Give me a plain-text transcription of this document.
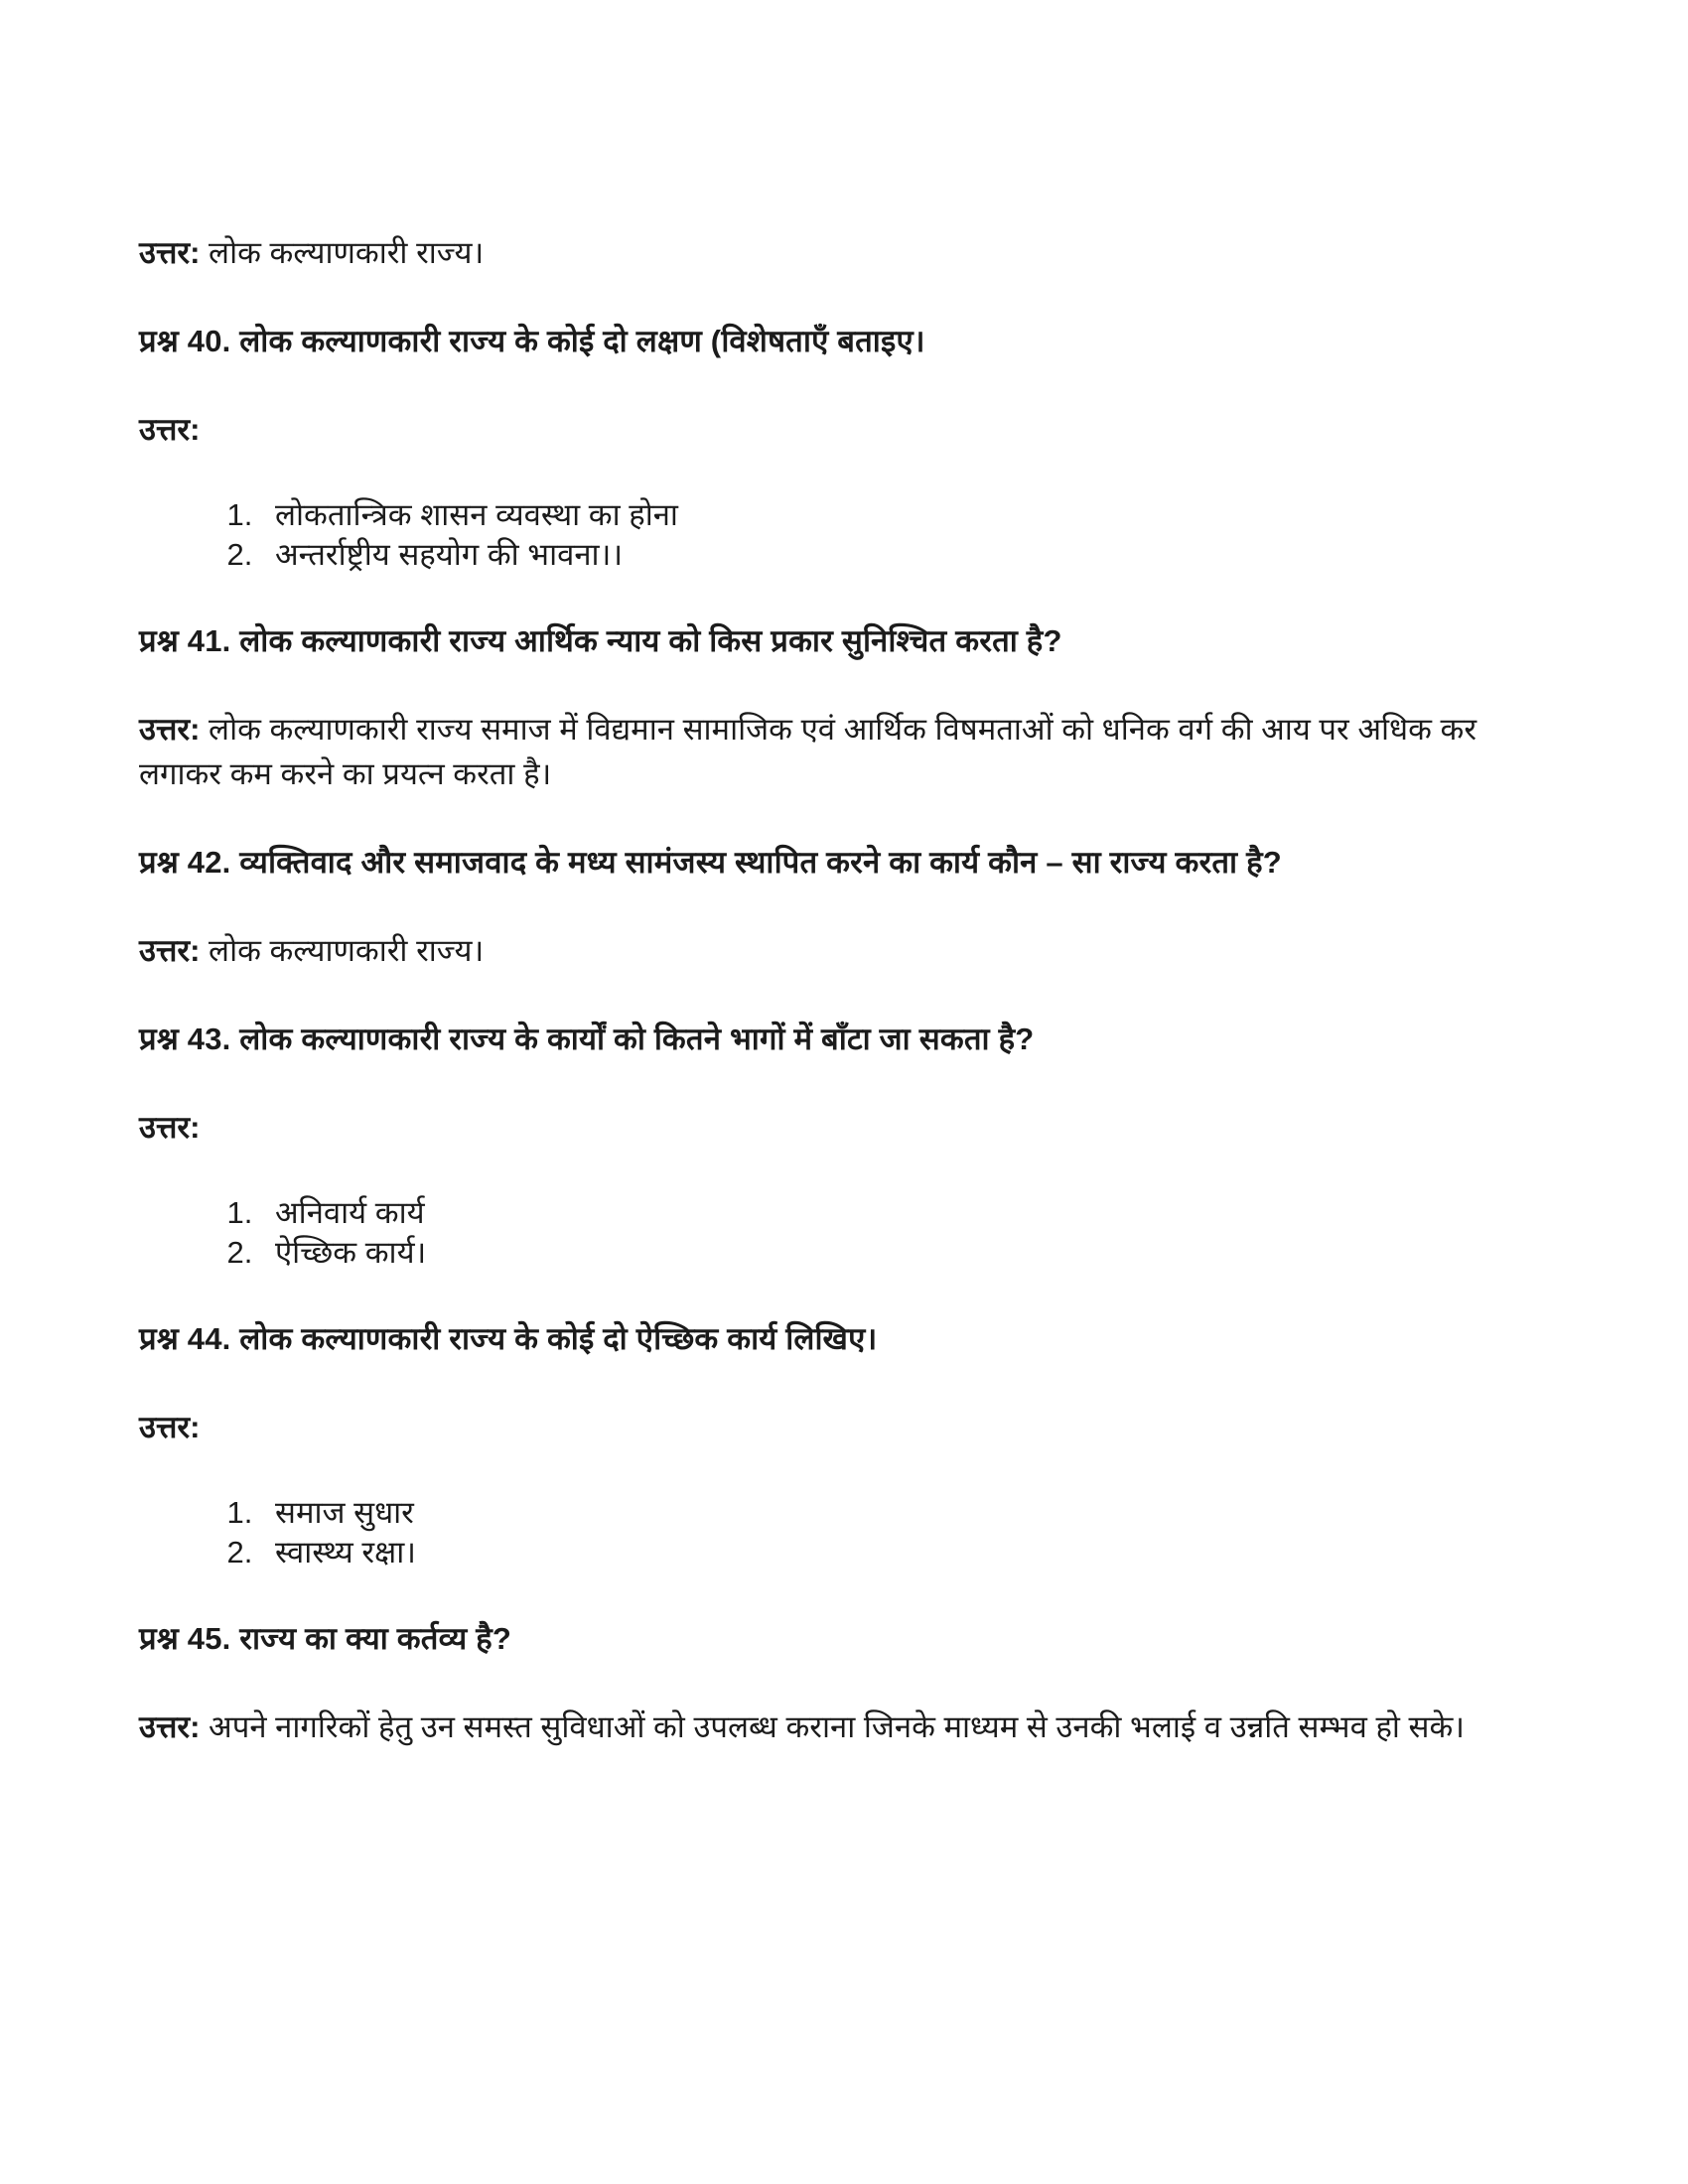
उत्तर: लोक कल्याणकारी राज्य।

प्रश्न 40. लोक कल्याणकारी राज्य के कोई दो लक्षण (विशेषताएँ बताइए।

उत्तर:

1. लोकतान्त्रिक शासन व्यवस्था का होना
2. अन्तर्राष्ट्रीय सहयोग की भावना।।
प्रश्न 41. लोक कल्याणकारी राज्य आर्थिक न्याय को किस प्रकार सुनिश्चित करता है?

उत्तर: लोक कल्याणकारी राज्य समाज में विद्यमान सामाजिक एवं आर्थिक विषमताओं को धनिक वर्ग की आय पर अधिक कर लगाकर कम करने का प्रयत्न करता है।

प्रश्न 42. व्यक्तिवाद और समाजवाद के मध्य सामंजस्य स्थापित करने का कार्य कौन – सा राज्य करता है?

उत्तर: लोक कल्याणकारी राज्य।

प्रश्न 43. लोक कल्याणकारी राज्य के कार्यों को कितने भागों में बाँटा जा सकता है?

उत्तर:

1. अनिवार्य कार्य
2. ऐच्छिक कार्य।
प्रश्न 44. लोक कल्याणकारी राज्य के कोई दो ऐच्छिक कार्य लिखिए।

उत्तर:

1. समाज सुधार
2. स्वास्थ्य रक्षा।
प्रश्न 45. राज्य का क्या कर्तव्य है?

उत्तर: अपने नागरिकों हेतु उन समस्त सुविधाओं को उपलब्ध कराना जिनके माध्यम से उनकी भलाई व उन्नति सम्भव हो सके।
